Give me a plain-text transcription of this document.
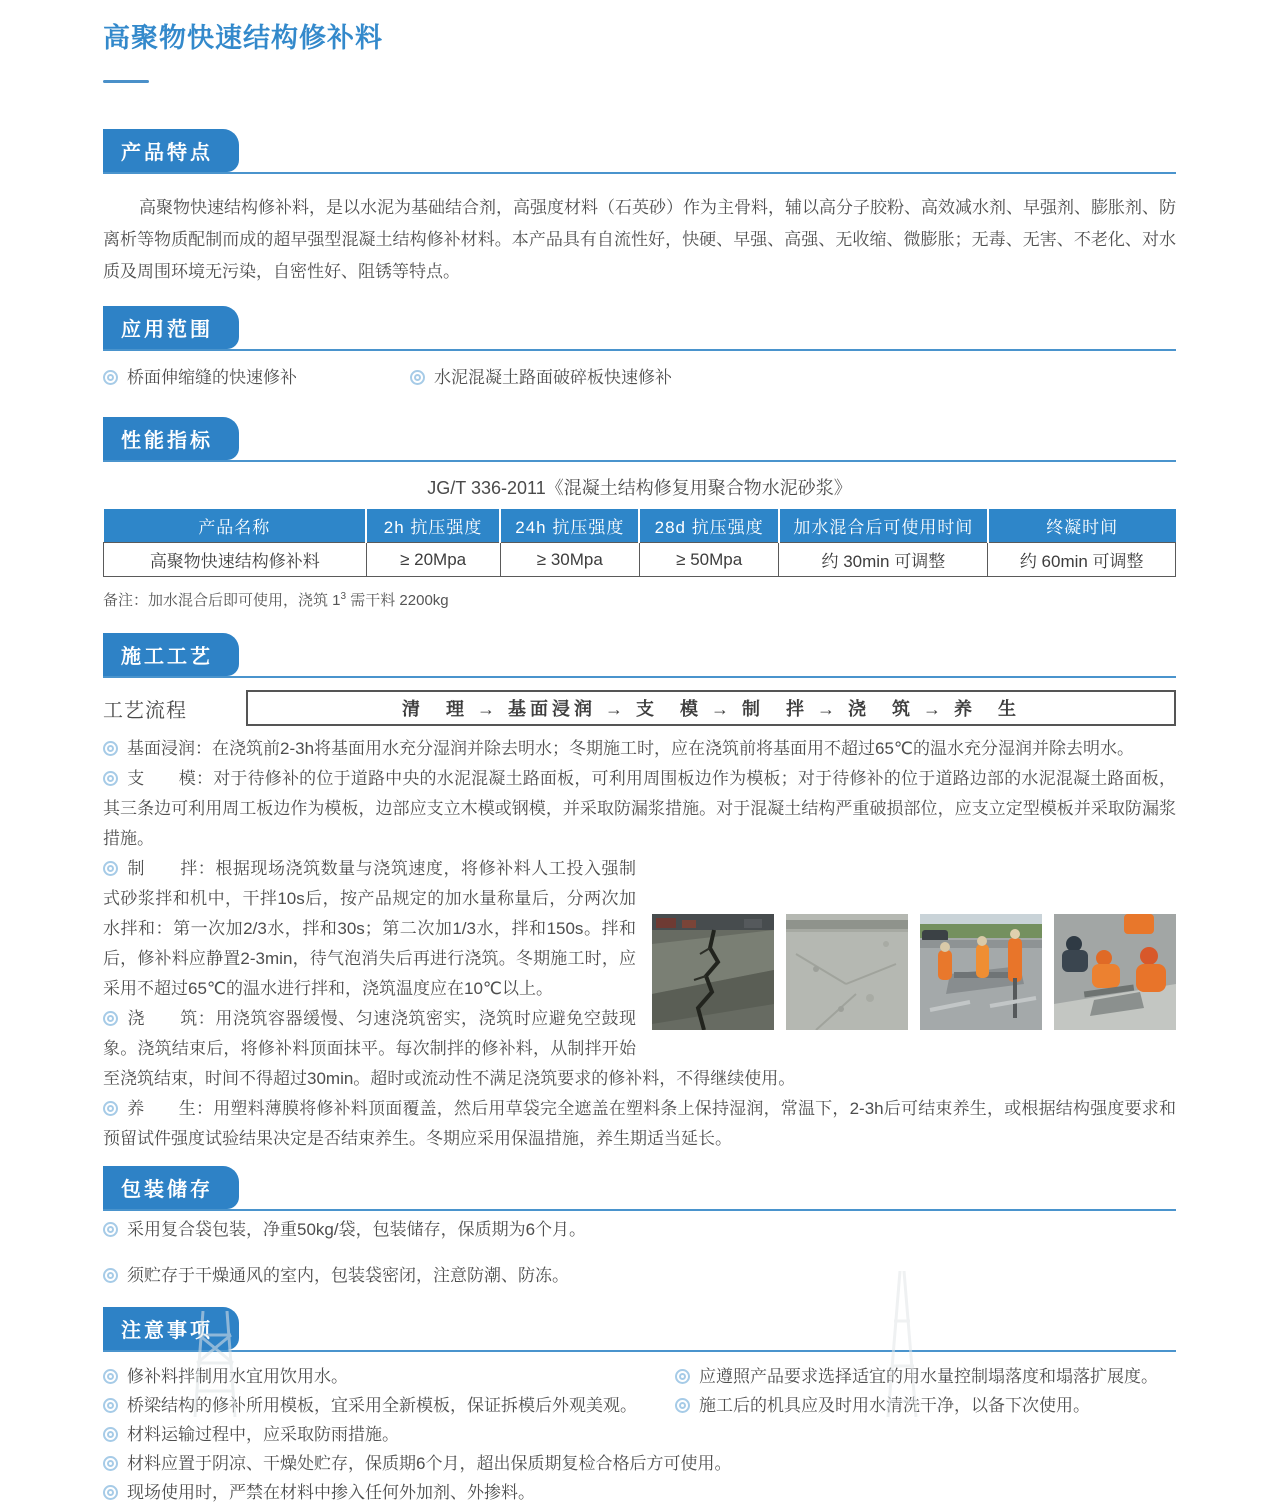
高聚物快速结构修补料
产品特点

高聚物快速结构修补料，是以水泥为基础结合剂，高强度材料（石英砂）作为主骨料，辅以高分子胶粉、高效减水剂、早强剂、膨胀剂、防离析等物质配制而成的超早强型混凝土结构修补材料。本产品具有自流性好，快硬、早强、高强、无收缩、微膨胀；无毒、无害、不老化、对水质及周围环境无污染，自密性好、阻锈等特点。

应用范围
桥面伸缩缝的快速修补	水泥混凝土路面破碎板快速修补
性能指标
JG/T 336-2011《混凝土结构修复用聚合物水泥砂浆》
产品名称	2h 抗压强度	24h 抗压强度	28d 抗压强度	加水混合后可使用时间	终凝时间
高聚物快速结构修补料	≥ 20Mpa	≥ 30Mpa	≥ 50Mpa	约 30min 可调整	约 60min 可调整
备注：加水混合后即可使用，浇筑 $1^3$ 需干料 2200kg
施工工艺
工艺流程	清　理 → 基面浸润 → 支　模 → 制　拌 → 浇　筑 → 养　生

基面浸润：在浇筑前2-3h将基面用水充分湿润并除去明水；冬期施工时，应在浇筑前将基面用不超过65℃的温水充分湿润并除去明水。

支　　模：对于待修补的位于道路中央的水泥混凝土路面板，可利用周围板边作为模板；对于待修补的位于道路边部的水泥混凝土路面板，其三条边可利用周工板边作为模板，边部应支立木模或钢模，并采取防漏浆措施。对于混凝土结构严重破损部位，应支立定型模板并采取防漏浆措施。

制　　拌：根据现场浇筑数量与浇筑速度，将修补料人工投入强制式砂浆拌和机中，干拌10s后，按产品规定的加水量称量后，分两次加水拌和：第一次加2/3水，拌和30s；第二次加1/3水，拌和150s。拌和后，修补料应静置2-3min，待气泡消失后再进行浇筑。冬期施工时，应采用不超过65℃的温水进行拌和，浇筑温度应在10℃以上。

浇　　筑：用浇筑容器缓慢、匀速浇筑密实，浇筑时应避免空鼓现象。浇筑结束后，将修补料顶面抹平。每次制拌的修补料，从制拌开始至浇筑结束，时间不得超过30min。超时或流动性不满足浇筑要求的修补料，不得继续使用。

养　　生：用塑料薄膜将修补料顶面覆盖，然后用草袋完全遮盖在塑料条上保持湿润，常温下，2-3h后可结束养生，或根据结构强度要求和预留试件强度试验结果决定是否结束养生。冬期应采用保温措施，养生期适当延长。

包装储存

采用复合袋包装，净重50kg/袋，包装储存，保质期为6个月。

须贮存于干燥通风的室内，包装袋密闭，注意防潮、防冻。

注意事项
修补料拌制用水宜用饮用水。	应遵照产品要求选择适宜的用水量控制塌落度和塌落扩展度。
桥梁结构的修补所用模板，宜采用全新模板，保证拆模后外观美观。	施工后的机具应及时用水清洗干净，以备下次使用。
材料运输过程中，应采取防雨措施。
材料应置于阴凉、干燥处贮存，保质期6个月，超出保质期复检合格后方可使用。
现场使用时，严禁在材料中掺入任何外加剂、外掺料。
